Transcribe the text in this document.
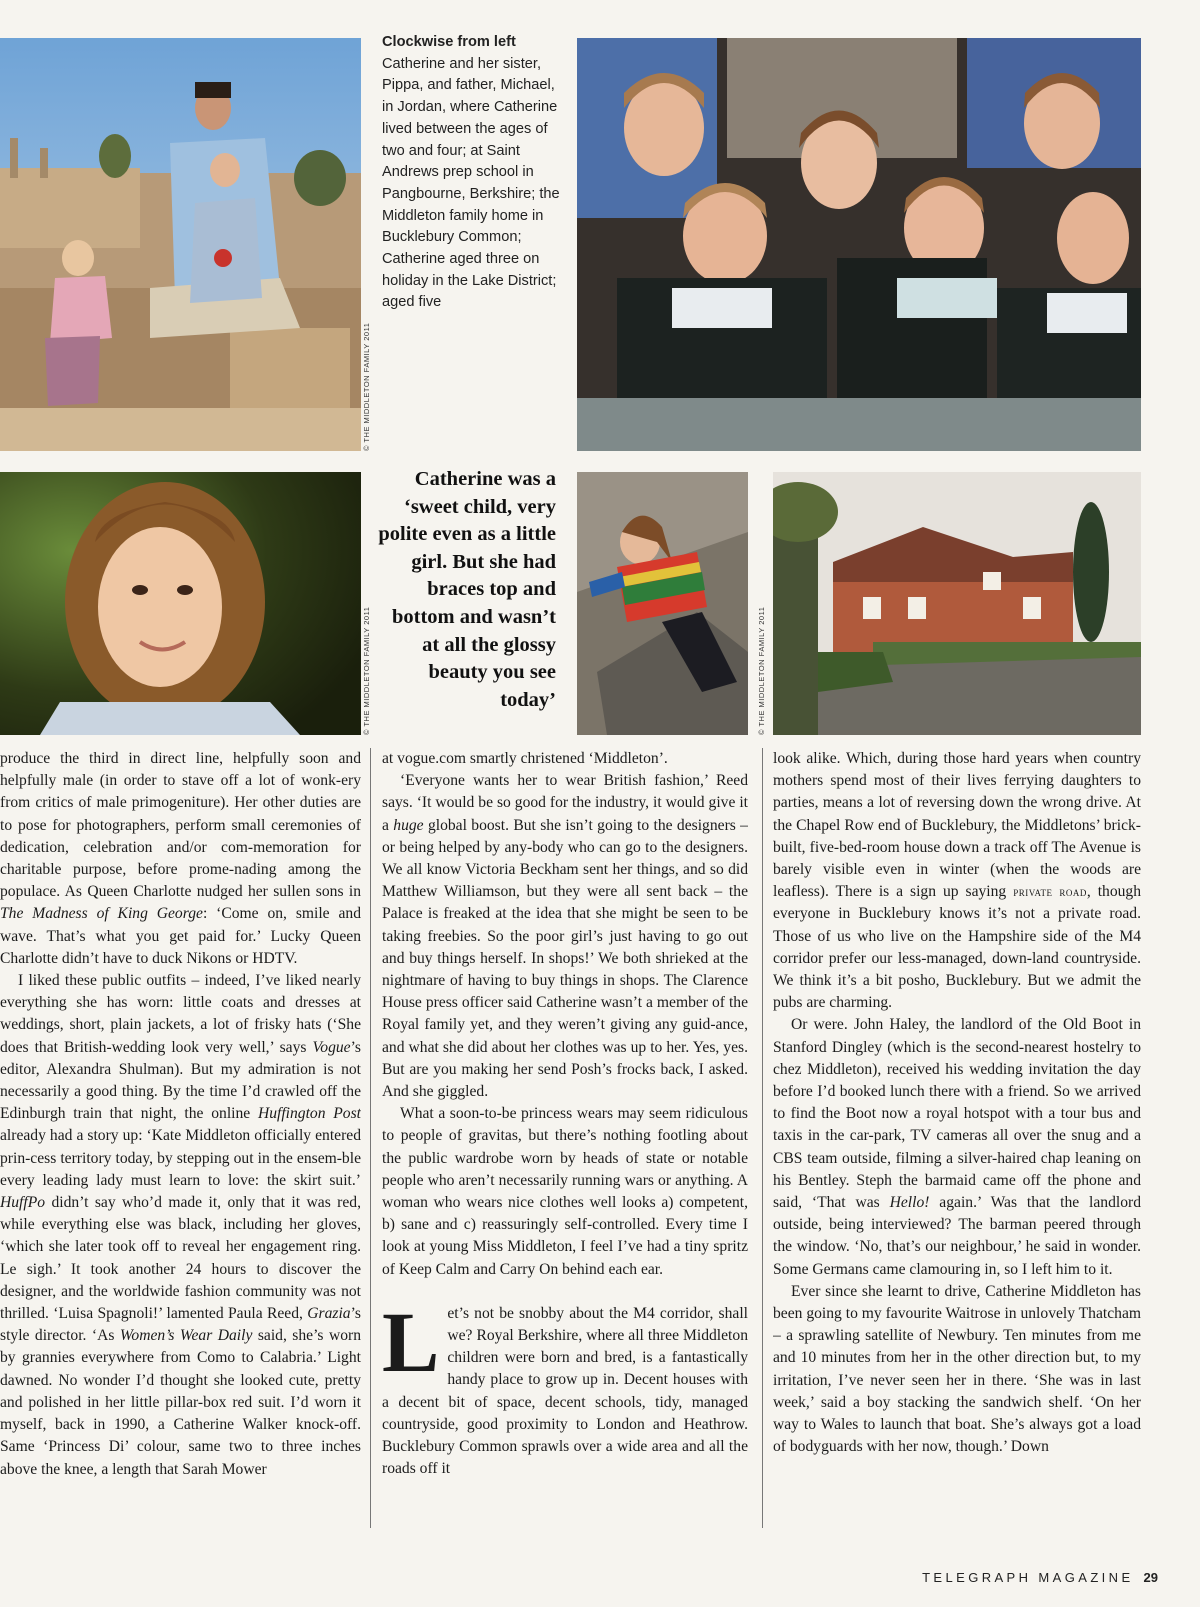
© THE MIDDLETON FAMILY 2011
Clockwise from left
Catherine and her sister, Pippa, and father, Michael, in Jordan, where Catherine lived between the ages of two and four; at Saint Andrews prep school in Pangbourne, Berkshire; the Middleton family home in Bucklebury Common; Catherine aged three on holiday in the Lake District; aged five
© THE MIDDLETON FAMILY 2011
Catherine was a ‘sweet child, very polite even as a little girl. But she had braces top and bottom and wasn’t at all the glossy beauty you see today’	© THE MIDDLETON FAMILY 2011

produce the third in direct line, helpfully soon and helpfully male (in order to stave off a lot of wonk-ery from critics of male primogeniture). Her other duties are to pose for photographers, perform small ceremonies of dedication, celebration and/or com-memoration for charitable purpose, before prome-nading among the populace. As Queen Charlotte nudged her sullen sons in The Madness of King George: ‘Come on, smile and wave. That’s what you get paid for.’ Lucky Queen Charlotte didn’t have to duck Nikons or HDTV.

I liked these public outfits – indeed, I’ve liked nearly everything she has worn: little coats and dresses at weddings, short, plain jackets, a lot of frisky hats (‘She does that British-wedding look very well,’ says Vogue’s editor, Alexandra Shulman). But my admiration is not necessarily a good thing. By the time I’d crawled off the Edinburgh train that night, the online Huffington Post already had a story up: ‘Kate Middleton officially entered prin-cess territory today, by stepping out in the ensem-ble every leading lady must learn to love: the skirt suit.’ HuffPo didn’t say who’d made it, only that it was red, while everything else was black, including her gloves, ‘which she later took off to reveal her engagement ring. Le sigh.’ It took another 24 hours to discover the designer, and the worldwide fashion community was not thrilled. ‘Luisa Spagnoli!’ lamented Paula Reed, Grazia’s style director. ‘As Women’s Wear Daily said, she’s worn by grannies everywhere from Como to Calabria.’ Light dawned. No wonder I’d thought she looked cute, pretty and polished in her little pillar-box red suit. I’d worn it myself, back in 1990, a Catherine Walker knock-off. Same ‘Princess Di’ colour, same two to three inches above the knee, a length that Sarah Mower

at vogue.com smartly christened ‘Middleton’.

‘Everyone wants her to wear British fashion,’ Reed says. ‘It would be so good for the industry, it would give it a huge global boost. But she isn’t going to the designers – or being helped by any-body who can go to the designers. We all know Victoria Beckham sent her things, and so did Matthew Williamson, but they were all sent back – the Palace is freaked at the idea that she might be seen to be taking freebies. So the poor girl’s just having to go out and buy things herself. In shops!’ We both shrieked at the nightmare of having to buy things in shops. The Clarence House press officer said Catherine wasn’t a member of the Royal family yet, and they weren’t giving any guid-ance, and what she did about her clothes was up to her. Yes, yes. But are you making her send Posh’s frocks back, I asked. And she giggled.

What a soon-to-be princess wears may seem ridiculous to people of gravitas, but there’s nothing footling about the public wardrobe worn by heads of state or notable people who aren’t necessarily running wars or anything. A woman who wears nice clothes well looks a) competent, b) sane and c) reassuringly self-controlled. Every time I look at young Miss Middleton, I feel I’ve had a tiny spritz of Keep Calm and Carry On behind each ear.

Let’s not be snobby about the M4 corridor, shall we? Royal Berkshire, where all three Middleton children were born and bred, is a fantastically handy place to grow up in. Decent houses with a decent bit of space, decent schools, tidy, managed countryside, good proximity to London and Heathrow. Bucklebury Common sprawls over a wide area and all the roads off it

look alike. Which, during those hard years when country mothers spend most of their lives ferrying daughters to parties, means a lot of reversing down the wrong drive. At the Chapel Row end of Bucklebury, the Middletons’ brick-built, five-bed-room house down a track off The Avenue is barely visible even in winter (when the woods are leafless). There is a sign up saying private road, though everyone in Bucklebury knows it’s not a private road. Those of us who live on the Hampshire side of the M4 corridor prefer our less-managed, down-land countryside. We think it’s a bit posho, Bucklebury. But we admit the pubs are charming.

Or were. John Haley, the landlord of the Old Boot in Stanford Dingley (which is the second-nearest hostelry to chez Middleton), received his wedding invitation the day before I’d booked lunch there with a friend. So we arrived to find the Boot now a royal hotspot with a tour bus and taxis in the car-park, TV cameras all over the snug and a CBS team outside, filming a silver-haired chap leaning on his Bentley. Steph the barmaid came off the phone and said, ‘That was Hello! again.’ Was that the landlord outside, being interviewed? The barman peered through the window. ‘No, that’s our neighbour,’ he said in wonder. Some Germans came clamouring in, so I left him to it.

Ever since she learnt to drive, Catherine Middleton has been going to my favourite Waitrose in unlovely Thatcham – a sprawling satellite of Newbury. Ten minutes from me and 10 minutes from her in the other direction but, to my irritation, I’ve never seen her in there. ‘She was in last week,’ said a boy stacking the sandwich shelf. ‘On her way to Wales to launch that boat. She’s always got a load of bodyguards with her now, though.’ Down

TELEGRAPH MAGAZINE 29
